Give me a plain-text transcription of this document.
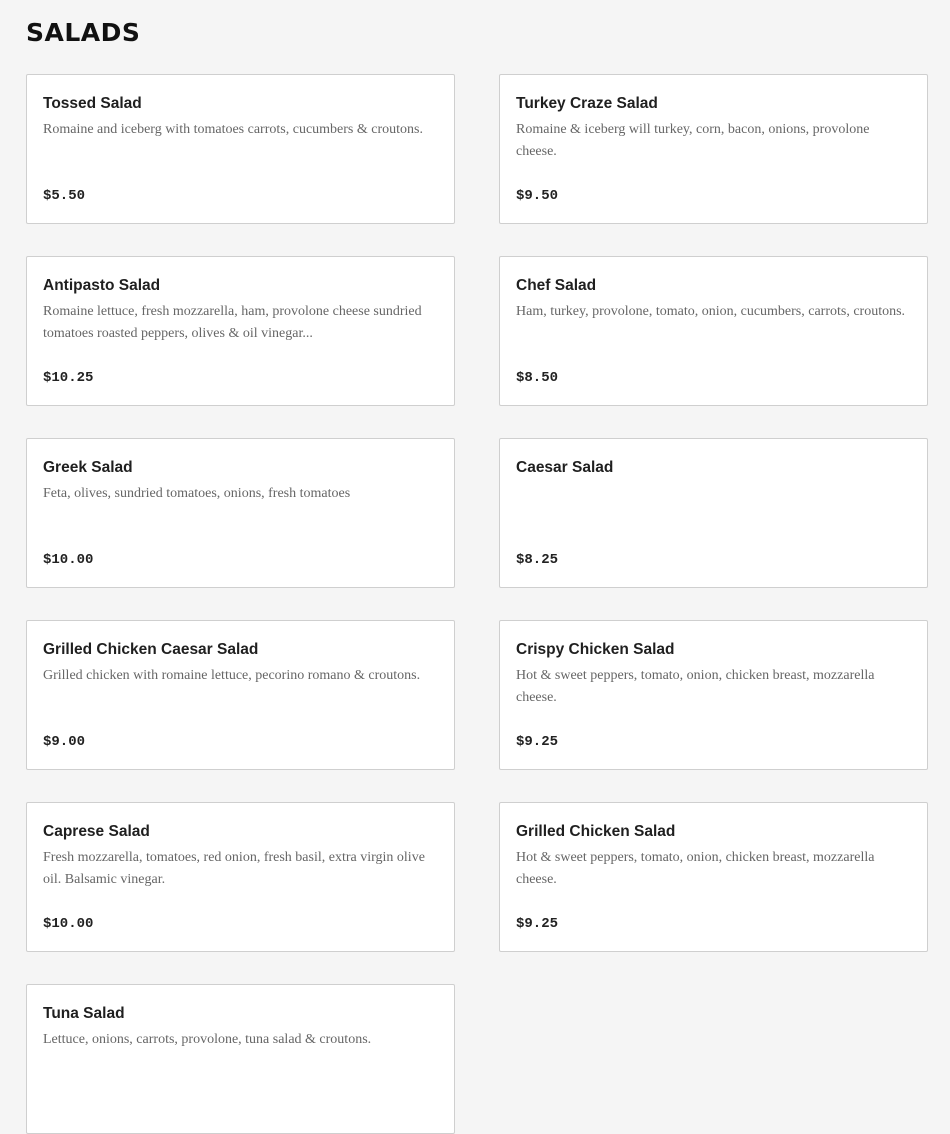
SALADS
Tossed Salad
Romaine and iceberg with tomatoes carrots, cucumbers & croutons.
$5.50
Turkey Craze Salad
Romaine & iceberg will turkey, corn, bacon, onions, provolone cheese.
$9.50
Antipasto Salad
Romaine lettuce, fresh mozzarella, ham, provolone cheese sundried tomatoes roasted peppers, olives & oil vinegar...
$10.25
Chef Salad
Ham, turkey, provolone, tomato, onion, cucumbers, carrots, croutons.
$8.50
Greek Salad
Feta, olives, sundried tomatoes, onions, fresh tomatoes
$10.00
Caesar Salad
$8.25
Grilled Chicken Caesar Salad
Grilled chicken with romaine lettuce, pecorino romano & croutons.
$9.00
Crispy Chicken Salad
Hot & sweet peppers, tomato, onion, chicken breast, mozzarella cheese.
$9.25
Caprese Salad
Fresh mozzarella, tomatoes, red onion, fresh basil, extra virgin olive oil. Balsamic vinegar.
$10.00
Grilled Chicken Salad
Hot & sweet peppers, tomato, onion, chicken breast, mozzarella cheese.
$9.25
Tuna Salad
Lettuce, onions, carrots, provolone, tuna salad & croutons.
